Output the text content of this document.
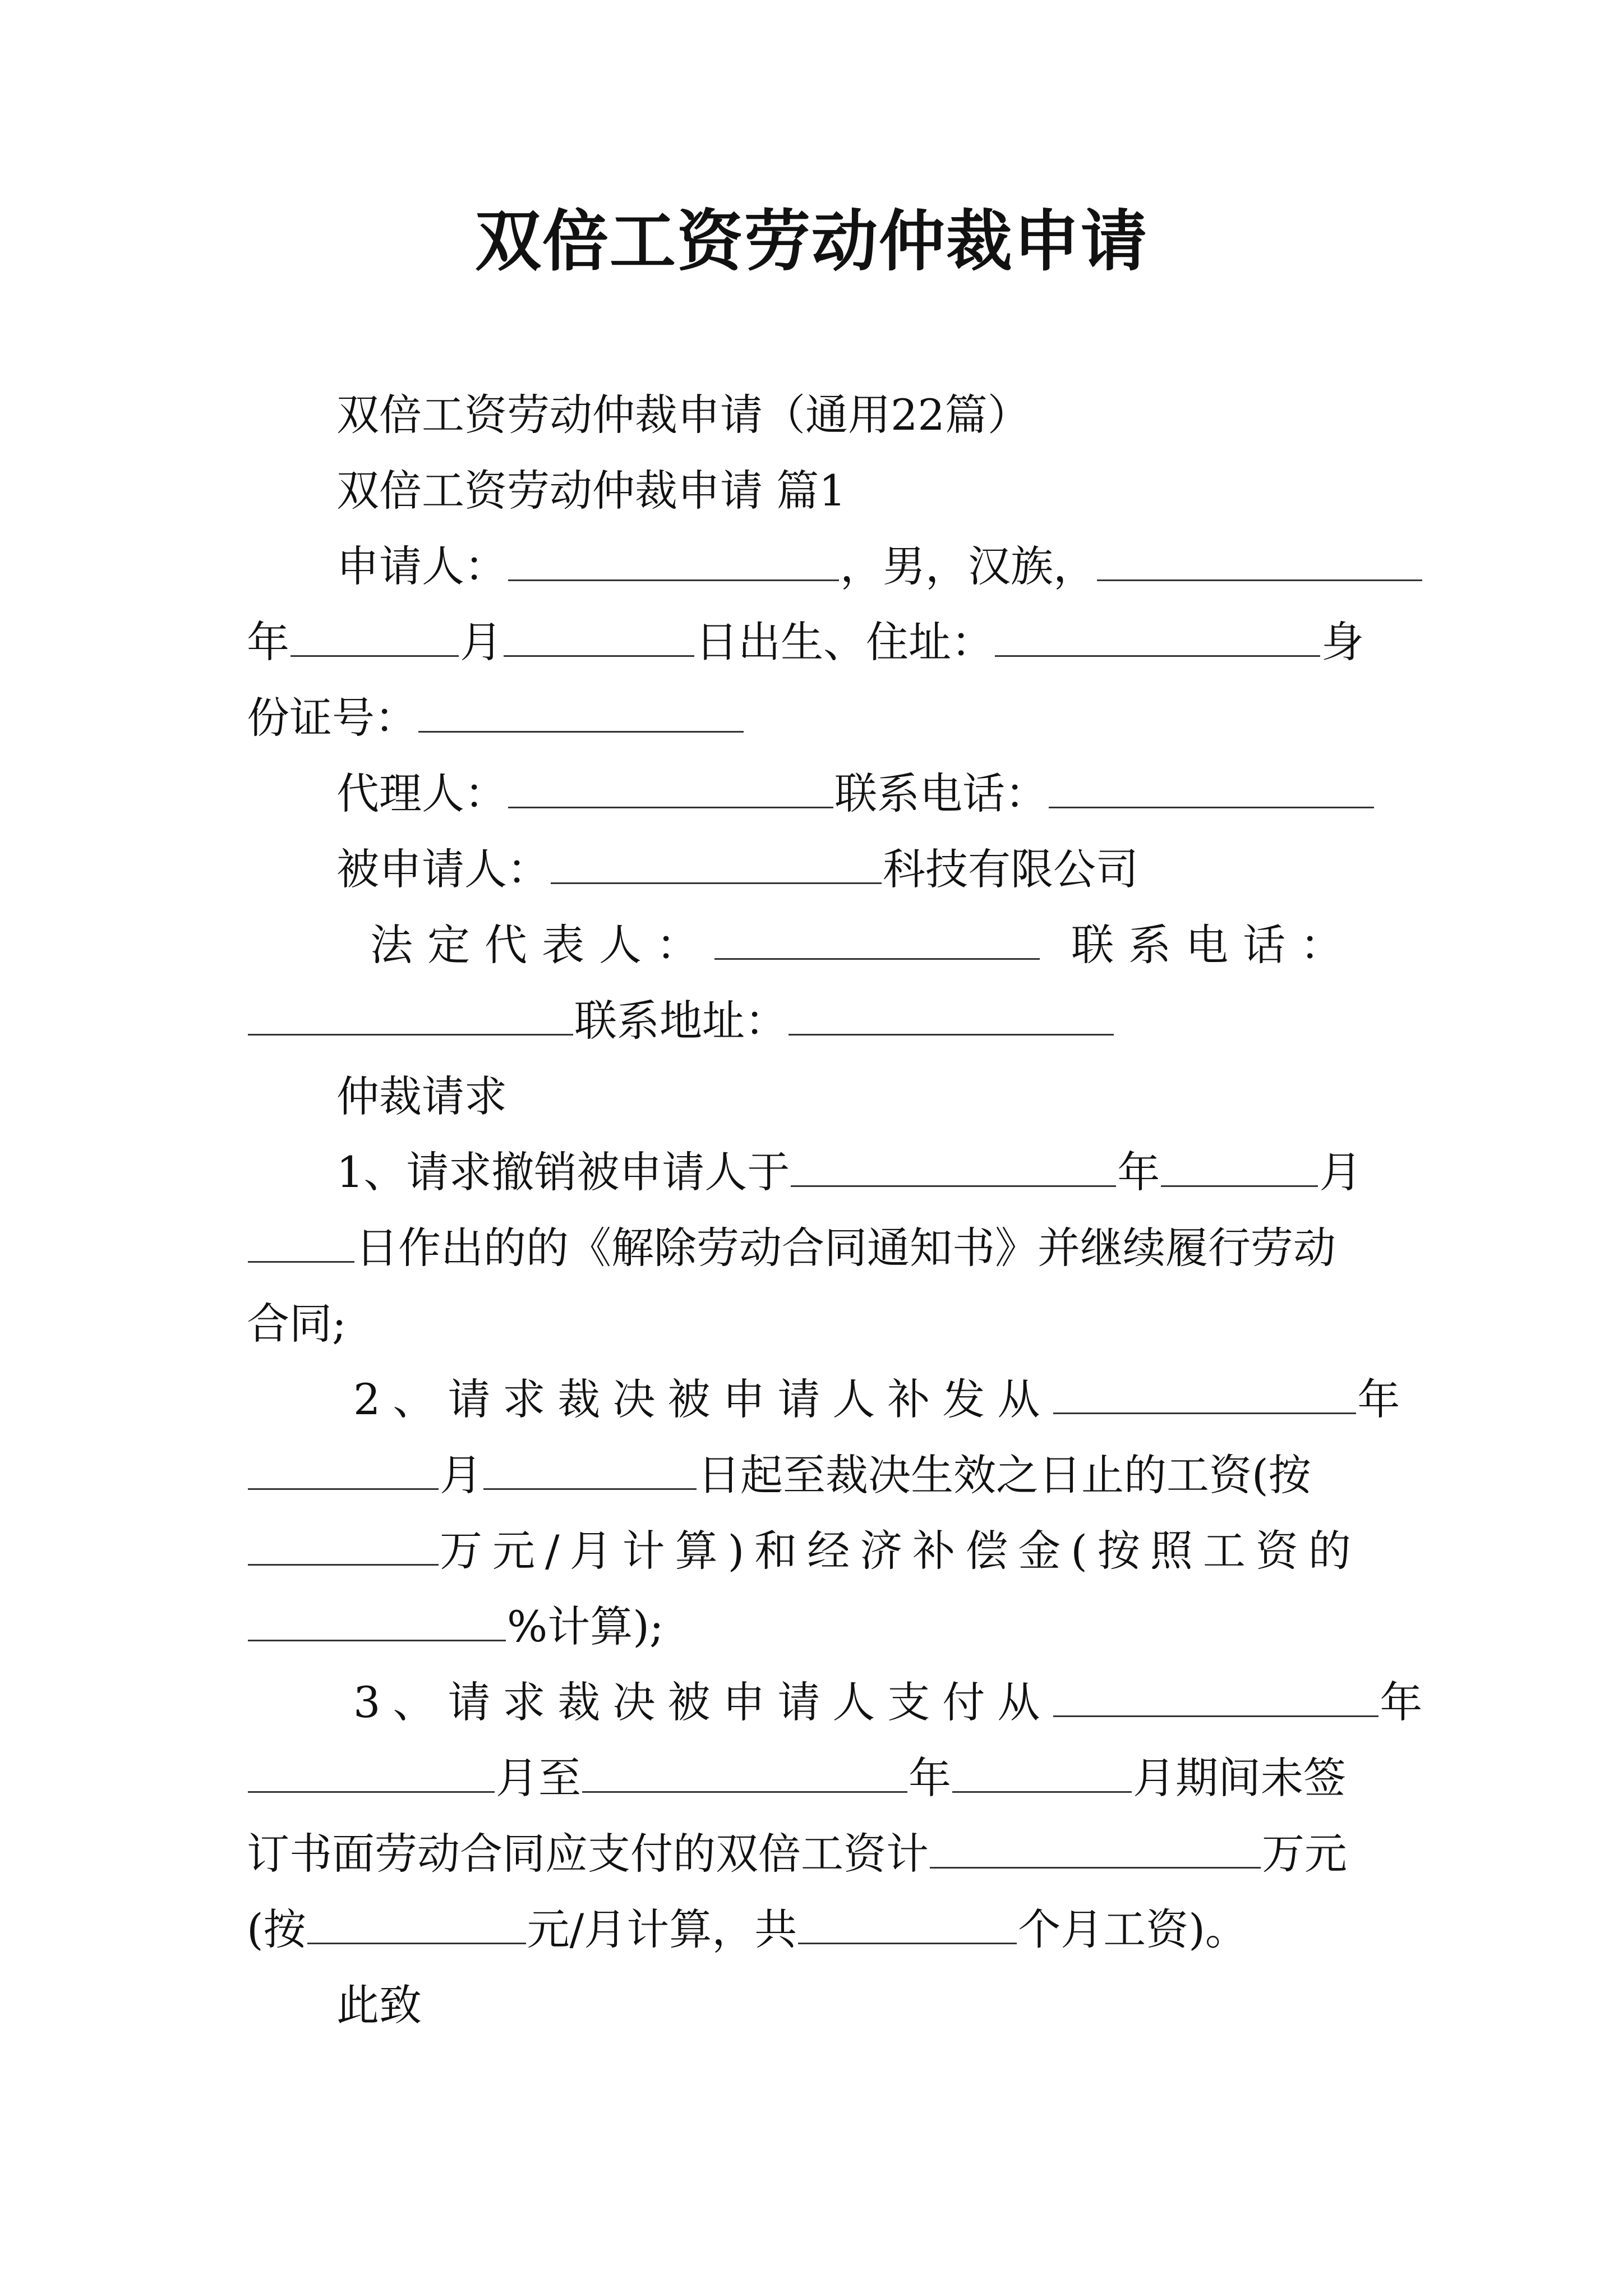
双倍工资劳动仲裁申请
双倍工资劳动仲裁申请（通用22篇）
双倍工资劳动仲裁申请 篇1
申请人：	，男，汉族，
年	月	日出生、住址：	身
份证号：
代理人：	联系电话：
被申请人：	科技有限公司
法定代表人：	联系电话：
联系地址：
仲裁请求
1、请求撤销被申请人于	年	月
日作出的的《解除劳动合同通知书》并继续履行劳动
合同;
2、请求裁决被申请人补发从	年
月	日起至裁决生效之日止的工资(按
万元/月计算)和经济补偿金(按照工资的
%计算);
3、请求裁决被申请人支付从	年
月至	年	月期间未签
订书面劳动合同应支付的双倍工资计	万元
(按	元/月计算，共	个月工资)。
此致
